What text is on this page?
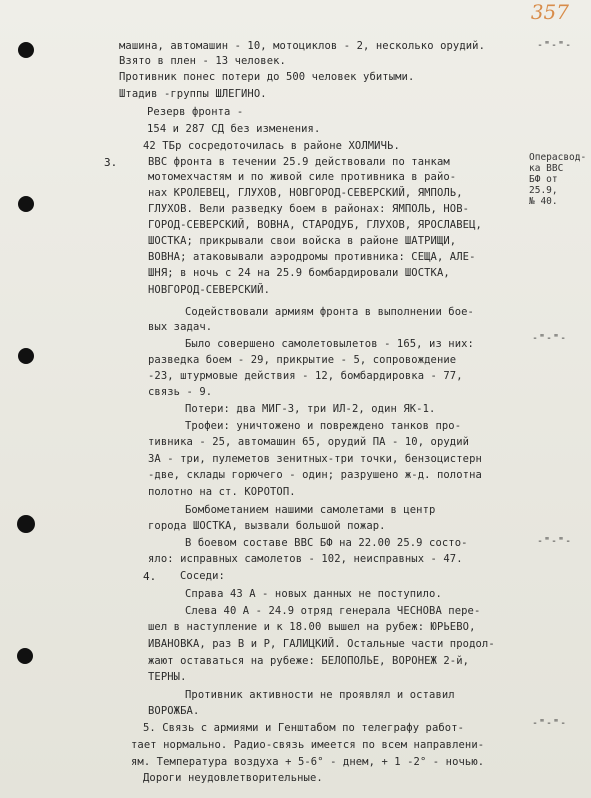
357
машина, автомашин - 10, мотоциклов - 2, несколько орудий.
Взято в плен - 13 человек.
Противник понес потери до 500 человек убитыми.
Штадив -группы ШЛЕГИНО.
Резерв фронта -
154 и 287 СД без изменения.
42 ТБр сосредоточилась в районе ХОЛМИЧЬ.
3.	ВВС фронта в течении 25.9 действовали по танкам
мотомехчастям и по живой силе противника в райо-
нах КРОЛЕВЕЦ, ГЛУХОВ, НОВГОРОД-СЕВЕРСКИЙ, ЯМПОЛЬ,
ГЛУХОВ. Вели разведку боем в районах: ЯМПОЛЬ, НОВ-
ГОРОД-СЕВЕРСКИЙ, ВОВНА, СТАРОДУБ, ГЛУХОВ, ЯРОСЛАВЕЦ,
ШОСТКА; прикрывали свои войска в районе ШАТРИЩИ,
ВОВНА; атаковывали аэродромы противника: СЕЩА, АЛЕ-
ШНЯ; в ночь с 24 на 25.9 бомбардировали ШОСТКА,
НОВГОРОД-СЕВЕРСКИЙ.
Содействовали армиям фронта в выполнении бое-
вых задач.
Было совершено самолетовылетов - 165, из них:
разведка боем - 29, прикрытие - 5, сопровождение
-23, штурмовые действия - 12, бомбардировка - 77,
связь - 9.
Потери: два МИГ-3, три ИЛ-2, один ЯК-1.
Трофеи: уничтожено и повреждено танков про-
тивника - 25, автомашин 65, орудий ПА - 10, орудий
ЗА - три, пулеметов зенитных-три точки, бензоцистерн
-две, склады горючего - один; разрушено ж-д. полотна
полотно на ст. КОРОТОП.
Бомбометанием нашими самолетами в центр
города ШОСТКА, вызвали большой пожар.
В боевом составе ВВС БФ на 22.00 25.9 состо-
яло: исправных самолетов - 102, неисправных - 47.
4. Соседи:
Справа 43 А - новых данных не поступило.
Слева 40 А - 24.9 отряд генерала ЧЕСНОВА пере-
шел в наступление и к 18.00 вышел на рубеж: ЮРЬЕВО,
ИВАНОВКА, раз В и Р, ГАЛИЦКИЙ. Остальные части продол-
жают оставаться на рубеже: БЕЛОПОЛЬЕ, ВОРОНЕЖ 2-й,
ТЕРНЫ.
Противник активности не проявлял и оставил
ВОРОЖБА.
5. Связь с армиями и Генштабом по телеграфу работ-
тает нормально. Радио-связь имеется по всем направлени-
ям. Температура воздуха + 5-6° - днем, + 1 -2° - ночью.
Дороги неудовлетворительные.
Операсвод-
ка ВВС
БФ от
25.9,
№ 40.
-"-"-
-"-"-
-"-"-
-"-"-
